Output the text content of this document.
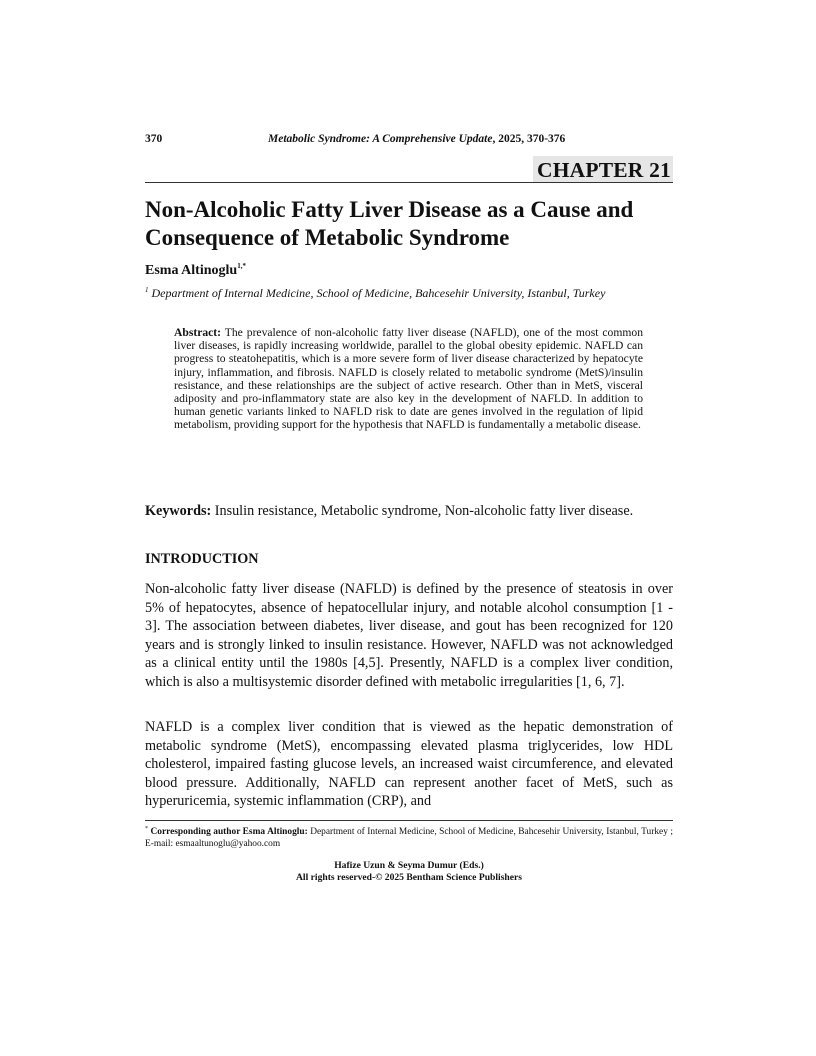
370	Metabolic Syndrome: A Comprehensive Update, 2025, 370-376
CHAPTER 21
Non-Alcoholic Fatty Liver Disease as a Cause and
Consequence of Metabolic Syndrome
Esma Altinoglu$^{1,*}$
$^1$ Department of Internal Medicine, School of Medicine, Bahcesehir University, Istanbul, Turkey

Abstract: The prevalence of non-alcoholic fatty liver disease (NAFLD), one of the most common liver diseases, is rapidly increasing worldwide, parallel to the global obesity epidemic. NAFLD can progress to steatohepatitis, which is a more severe form of liver disease characterized by hepatocyte injury, inflammation, and fibrosis. NAFLD is closely related to metabolic syndrome (MetS)/insulin resistance, and these relationships are the subject of active research. Other than in MetS, visceral adiposity and pro-inflammatory state are also key in the development of NAFLD. In addition to human genetic variants linked to NAFLD risk to date are genes involved in the regulation of lipid metabolism, providing support for the hypothesis that NAFLD is fundamentally a metabolic disease.

Keywords: Insulin resistance, Metabolic syndrome, Non-alcoholic fatty liver disease.

INTRODUCTION

Non-alcoholic fatty liver disease (NAFLD) is defined by the presence of steatosis in over 5% of hepatocytes, absence of hepatocellular injury, and notable alcohol consumption [1 - 3]. The association between diabetes, liver disease, and gout has been recognized for 120 years and is strongly linked to insulin resistance. However, NAFLD was not acknowledged as a clinical entity until the 1980s [4,5]. Presently, NAFLD is a complex liver condition, which is also a multisystemic disorder defined with metabolic irregularities [1, 6, 7].

NAFLD is a complex liver condition that is viewed as the hepatic demonstration of metabolic syndrome (MetS), encompassing elevated plasma triglycerides, low HDL cholesterol, impaired fasting glucose levels, an increased waist circumference, and elevated blood pressure. Additionally, NAFLD can represent another facet of MetS, such as hyperuricemia, systemic inflammation (CRP), and

* Corresponding author Esma Altinoglu: Department of Internal Medicine, School of Medicine, Bahcesehir University, Istanbul, Turkey ; E-mail: esmaaltunoglu@yahoo.com

Hafize Uzun & Seyma Dumur (Eds.)
All rights reserved-© 2025 Bentham Science Publishers
